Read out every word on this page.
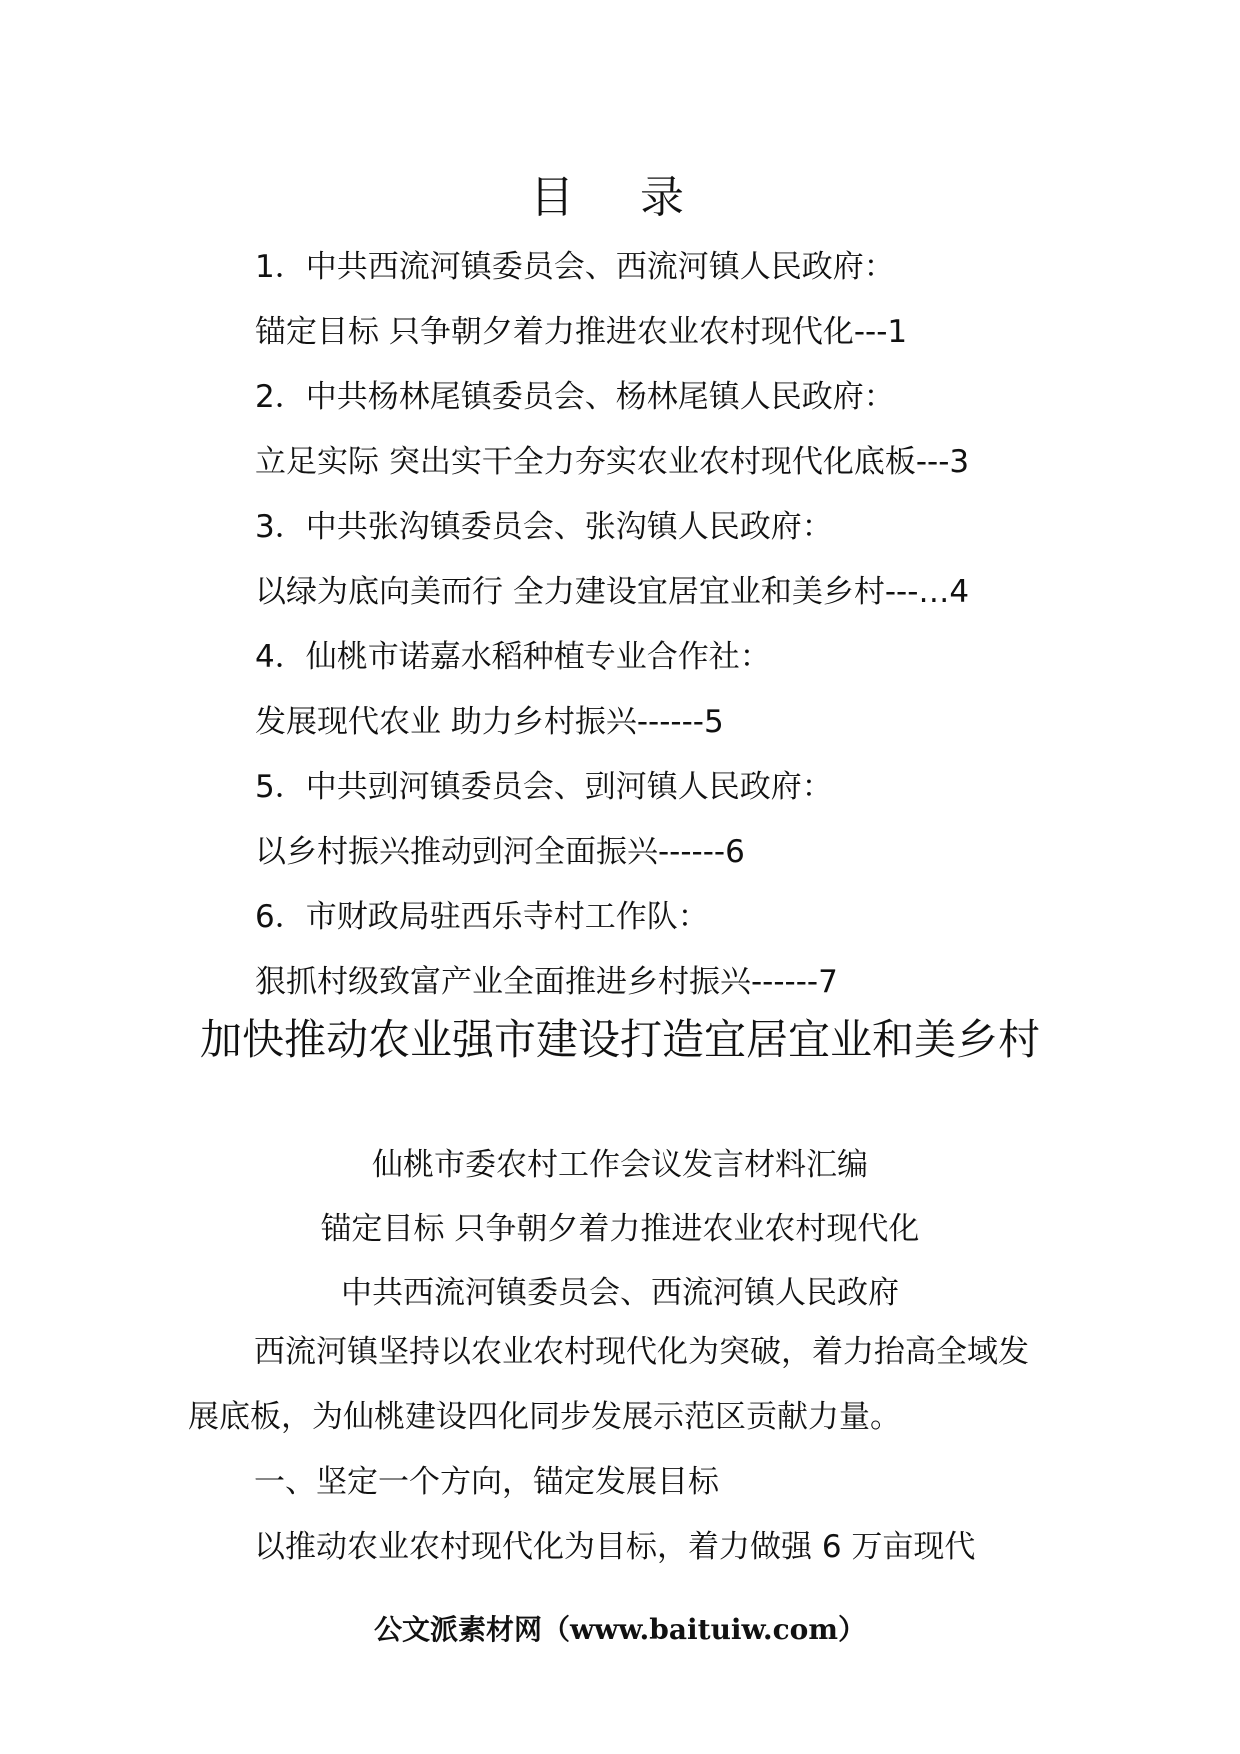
目 录
1．中共西流河镇委员会、西流河镇人民政府：
锚定目标 只争朝夕着力推进农业农村现代化---1
2．中共杨林尾镇委员会、杨林尾镇人民政府：
立足实际 突出实干全力夯实农业农村现代化底板---3
3．中共张沟镇委员会、张沟镇人民政府：
以绿为底向美而行 全力建设宜居宜业和美乡村---…4
4．仙桃市诺嘉水稻种植专业合作社：
发展现代农业 助力乡村振兴------5
5．中共剅河镇委员会、剅河镇人民政府：
以乡村振兴推动剅河全面振兴------6
6．市财政局驻西乐寺村工作队：
狠抓村级致富产业全面推进乡村振兴------7
加快推动农业强市建设打造宜居宜业和美乡村
仙桃市委农村工作会议发言材料汇编
锚定目标 只争朝夕着力推进农业农村现代化
中共西流河镇委员会、西流河镇人民政府

西流河镇坚持以农业农村现代化为突破，着力抬高全域发展底板，为仙桃建设四化同步发展示范区贡献力量。

一、坚定一个方向，锚定发展目标

以推动农业农村现代化为目标，着力做强 6 万亩现代

公文派素材网（www.baituiw.com）
